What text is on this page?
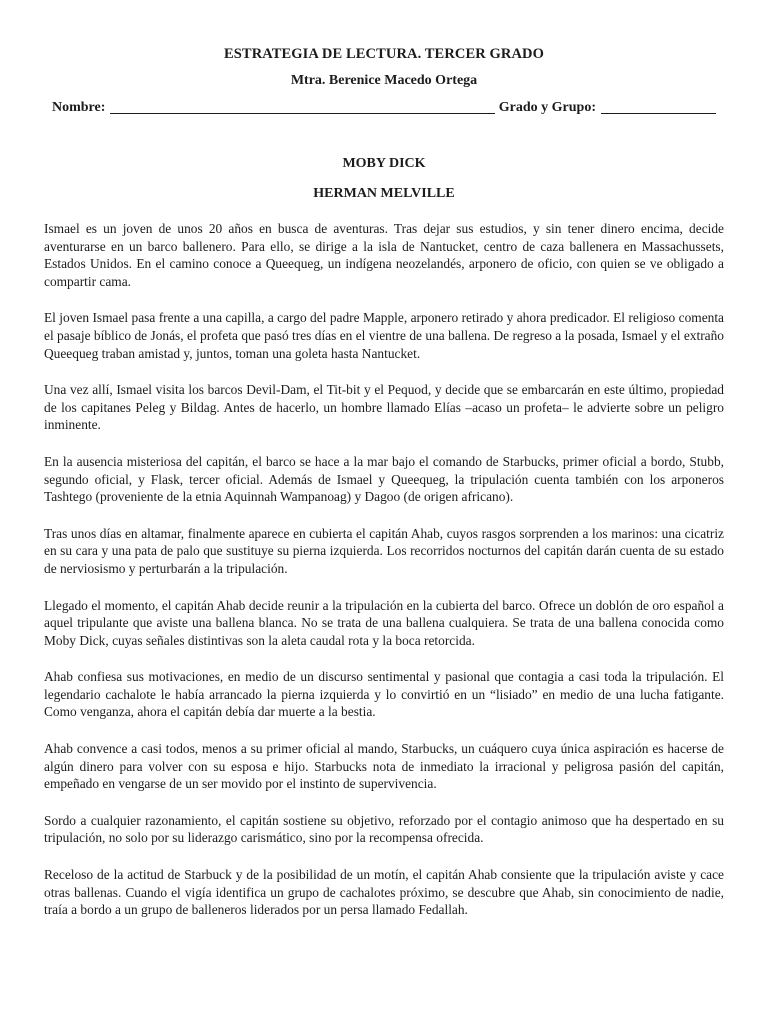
ESTRATEGIA DE LECTURA. TERCER GRADO
Mtra. Berenice Macedo Ortega
Nombre:	Grado y Grupo:
MOBY DICK
HERMAN MELVILLE

Ismael es un joven de unos 20 años en busca de aventuras. Tras dejar sus estudios, y sin tener dinero encima, decide aventurarse en un barco ballenero. Para ello, se dirige a la isla de Nantucket, centro de caza ballenera en Massachussets, Estados Unidos. En el camino conoce a Queequeg, un indígena neozelandés, arponero de oficio, con quien se ve obligado a compartir cama.

El joven Ismael pasa frente a una capilla, a cargo del padre Mapple, arponero retirado y ahora predicador. El religioso comenta el pasaje bíblico de Jonás, el profeta que pasó tres días en el vientre de una ballena. De regreso a la posada, Ismael y el extraño Queequeg traban amistad y, juntos, toman una goleta hasta Nantucket.

Una vez allí, Ismael visita los barcos Devil-Dam, el Tit-bit y el Pequod, y decide que se embarcarán en este último, propiedad de los capitanes Peleg y Bildag. Antes de hacerlo, un hombre llamado Elías –acaso un profeta– le advierte sobre un peligro inminente.

En la ausencia misteriosa del capitán, el barco se hace a la mar bajo el comando de Starbucks, primer oficial a bordo, Stubb, segundo oficial, y Flask, tercer oficial. Además de Ismael y Queequeg, la tripulación cuenta también con los arponeros Tashtego (proveniente de la etnia Aquinnah Wampanoag) y Dagoo (de origen africano).

Tras unos días en altamar, finalmente aparece en cubierta el capitán Ahab, cuyos rasgos sorprenden a los marinos: una cicatriz en su cara y una pata de palo que sustituye su pierna izquierda. Los recorridos nocturnos del capitán darán cuenta de su estado de nerviosismo y perturbarán a la tripulación.

Llegado el momento, el capitán Ahab decide reunir a la tripulación en la cubierta del barco. Ofrece un doblón de oro español a aquel tripulante que aviste una ballena blanca. No se trata de una ballena cualquiera. Se trata de una ballena conocida como Moby Dick, cuyas señales distintivas son la aleta caudal rota y la boca retorcida.

Ahab confiesa sus motivaciones, en medio de un discurso sentimental y pasional que contagia a casi toda la tripulación. El legendario cachalote le había arrancado la pierna izquierda y lo convirtió en un “lisiado” en medio de una lucha fatigante. Como venganza, ahora el capitán debía dar muerte a la bestia.

Ahab convence a casi todos, menos a su primer oficial al mando, Starbucks, un cuáquero cuya única aspiración es hacerse de algún dinero para volver con su esposa e hijo. Starbucks nota de inmediato la irracional y peligrosa pasión del capitán, empeñado en vengarse de un ser movido por el instinto de supervivencia.

Sordo a cualquier razonamiento, el capitán sostiene su objetivo, reforzado por el contagio animoso que ha despertado en su tripulación, no solo por su liderazgo carismático, sino por la recompensa ofrecida.

Receloso de la actitud de Starbuck y de la posibilidad de un motín, el capitán Ahab consiente que la tripulación aviste y cace otras ballenas. Cuando el vigía identifica un grupo de cachalotes próximo, se descubre que Ahab, sin conocimiento de nadie, traía a bordo a un grupo de balleneros liderados por un persa llamado Fedallah.
